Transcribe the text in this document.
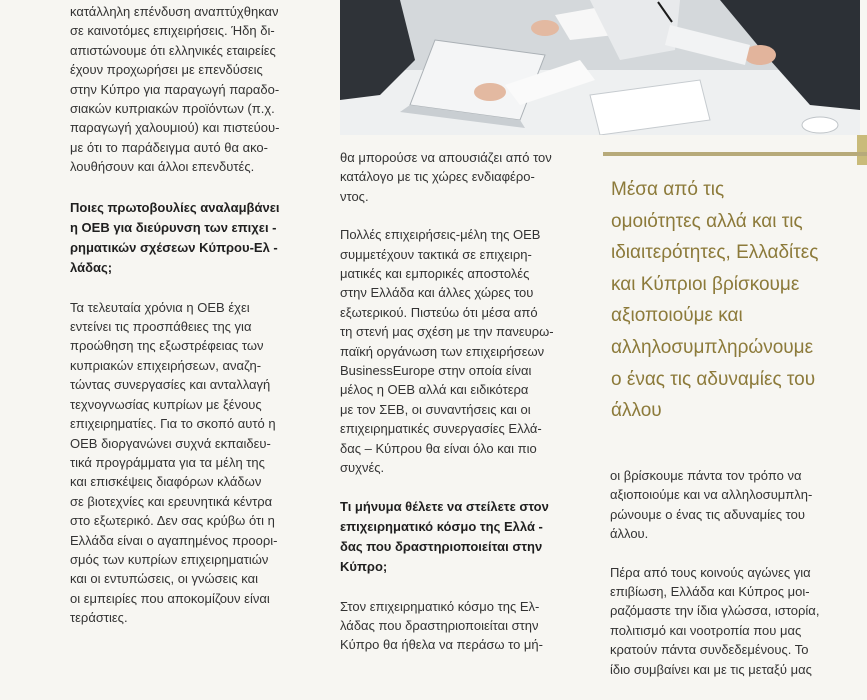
κατάλληλη επένδυση αναπτύχθηκαν
σε καινοτόμες επιχειρήσεις. Ήδη δι-
απιστώνουμε ότι ελληνικές εταιρείες
έχουν προχωρήσει με επενδύσεις
στην Κύπρο για παραγωγή παραδο-
σιακών κυπριακών προϊόντων (π.χ.
παραγωγή χαλουμιού) και πιστεύου-
με ότι το παράδειγμα αυτό θα ακο-
λουθήσουν και άλλοι επενδυτές.

Ποιες πρωτοβουλίες αναλαμβάνει
η ΟΕΒ για διεύρυνση των επιχει -
ρηματικών σχέσεων Κύπρου-Ελ -
λάδας;

Τα τελευταία χρόνια η ΟΕΒ έχει
εντείνει τις προσπάθειες της για
προώθηση της εξωστρέφειας των
κυπριακών επιχειρήσεων, αναζη-
τώντας συνεργασίες και ανταλλαγή
τεχνογνωσίας κυπρίων με ξένους
επιχειρηματίες. Για το σκοπό αυτό η
ΟΕΒ διοργανώνει συχνά εκπαιδευ-
τικά προγράμματα για τα μέλη της
και επισκέψεις διαφόρων κλάδων
σε βιοτεχνίες και ερευνητικά κέντρα
στο εξωτερικό. Δεν σας κρύβω ότι η
Ελλάδα είναι ο αγαπημένος προορι-
σμός των κυπρίων επιχειρηματιών
και οι εντυπώσεις, οι γνώσεις και
οι εμπειρίες που αποκομίζουν είναι
τεράστιες.

θα μπορούσε να απουσιάζει από τον
κατάλογο με τις χώρες ενδιαφέρο-
ντος.

Πολλές επιχειρήσεις-μέλη της ΟΕΒ
συμμετέχουν τακτικά σε επιχειρη-
ματικές και εμπορικές αποστολές
στην Ελλάδα και άλλες χώρες του
εξωτερικού. Πιστεύω ότι μέσα από
τη στενή μας σχέση με την πανευρω-
παϊκή οργάνωση των επιχειρήσεων
BusinessEurope στην οποία είναι
μέλος η ΟΕΒ αλλά και ειδικότερα
με τον ΣΕΒ, οι συναντήσεις και οι
επιχειρηματικές συνεργασίες Ελλά-
δας – Κύπρου θα είναι όλο και πιο
συχνές.

Τι μήνυμα θέλετε να στείλετε στον
επιχειρηματικό κόσμο της Ελλά -
δας που δραστηριοποιείται στην
Κύπρο;

Στον επιχειρηματικό κόσμο της Ελ-
λάδας που δραστηριοποιείται στην
Κύπρο θα ήθελα να περάσω το μή-

Μέσα από τις
ομοιότητες αλλά και τις
ιδιαιτερότητες, Ελλαδίτες
και Κύπριοι βρίσκουμε
αξιοποιούμε και
αλληλοσυμπληρώνουμε
ο ένας τις αδυναμίες του
άλλου

οι βρίσκουμε πάντα τον τρόπο να
αξιοποιούμε και να αλληλοσυμπλη-
ρώνουμε ο ένας τις αδυναμίες του
άλλου.

Πέρα από τους κοινούς αγώνες για
επιβίωση, Ελλάδα και Κύπρος μοι-
ραζόμαστε την ίδια γλώσσα, ιστορία,
πολιτισμό και νοοτροπία που μας
κρατούν πάντα συνδεδεμένους. Το
ίδιο συμβαίνει και με τις μεταξύ μας
